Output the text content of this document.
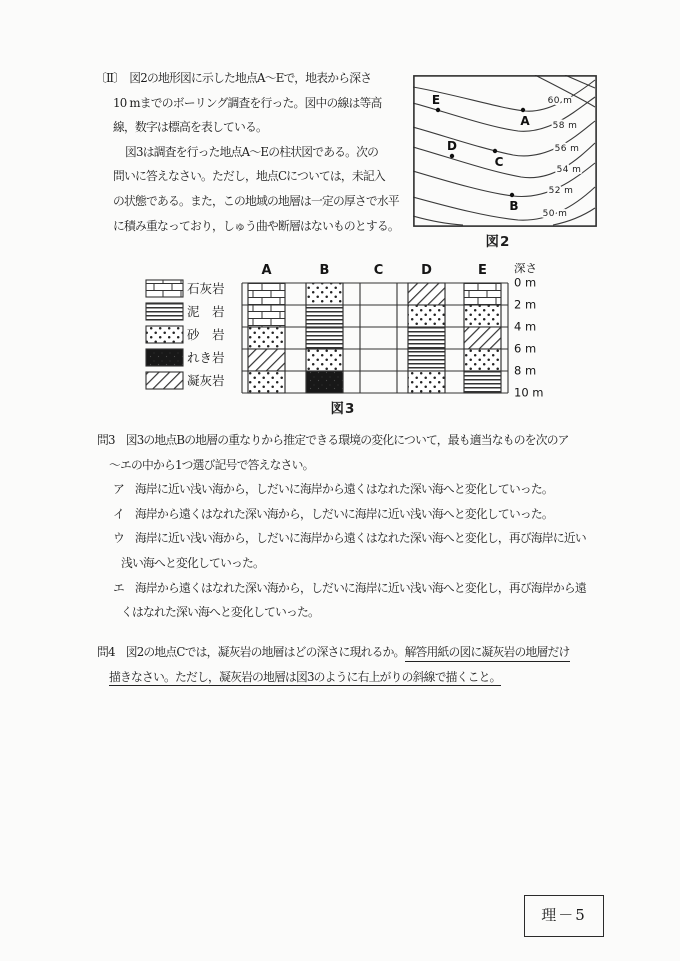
〔Ⅱ〕　図2の地形図に示した地点A～Eで，地表から深さ
10 mまでのボーリング調査を行った。図中の線は等高
線，数字は標高を表している。
図3は調査を行った地点A～Eの柱状図である。次の
問いに答えなさい。ただし，地点Cについては，未記入
の状態である。また，この地域の地層は一定の厚さで水平
に積み重なっており，しゅう曲や断層はないものとする。
60 m
58 m
56 m
54 m
52 m
50 m
A
B
C
D
E
図2
石灰岩
泥　岩
砂　岩
れき岩
凝灰岩
A	B	C	D	E
0 m
2 m
4 m
6 m
8 m
10 m
深さ
図3
問3　図3の地点Bの地層の重なりから推定できる環境の変化について，最も適当なものを次のア
～エの中から1つ選び記号で答えなさい。
ア　海岸に近い浅い海から，しだいに海岸から遠くはなれた深い海へと変化していった。
イ　海岸から遠くはなれた深い海から，しだいに海岸に近い浅い海へと変化していった。
ウ　海岸に近い浅い海から，しだいに海岸から遠くはなれた深い海へと変化し，再び海岸に近い
浅い海へと変化していった。
エ　海岸から遠くはなれた深い海から，しだいに海岸に近い浅い海へと変化し，再び海岸から遠
くはなれた深い海へと変化していった。
問4　図2の地点Cでは，凝灰岩の地層はどの深さに現れるか。解答用紙の図に凝灰岩の地層だけ
描きなさい。ただし，凝灰岩の地層は図3のように右上がりの斜線で描くこと。
理－5
